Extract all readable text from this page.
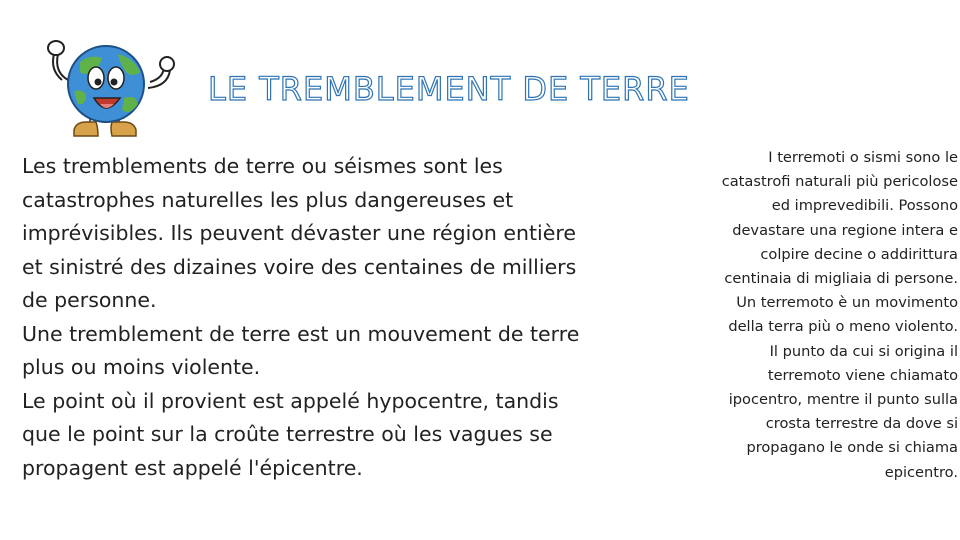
LE TREMBLEMENT DE TERRE

Les tremblements de terre ou séismes sont les catastrophes naturelles les plus dangereuses et imprévisibles. Ils peuvent dévaster une région entière et sinistré des dizaines voire des centaines de milliers de personne.

Une tremblement de terre est un mouvement de terre plus ou moins violente.

Le point où il provient est appelé hypocentre, tandis que le point sur la croûte terrestre où les vagues se propagent est appelé l'épicentre.

I terremoti o sismi sono le
catastrofi naturali più pericolose
ed imprevedibili. Possono
devastare una regione intera e
colpire decine o addirittura
centinaia di migliaia di persone.
Un terremoto è un movimento
della terra più o meno violento.
Il punto da cui si origina il
terremoto viene chiamato
ipocentro, mentre il punto sulla
crosta terrestre da dove si
propagano le onde si chiama
epicentro.
